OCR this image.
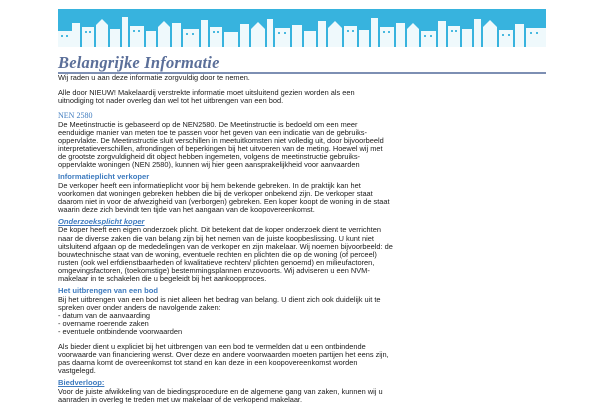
Belangrijke Informatie

Wij raden u aan deze informatie zorgvuldig door te nemen.

Alle door NIEUW! Makelaardij verstrekte informatie moet uitsluitend gezien worden als een

uitnodiging tot nader overleg dan wel tot het uitbrengen van een bod.

NEN 2580

De Meetinstructie is gebaseerd op de NEN2580. De Meetinstructie is bedoeld om een meer

eenduidige manier van meten toe te passen voor het geven van een indicatie van de gebruiks-

oppervlakte. De Meetinstructie sluit verschillen in meetuitkomsten niet volledig uit, door bijvoorbeeld

interpretatieverschillen, afrondingen of beperkingen bij het uitvoeren van de meting. Hoewel wij met

de grootste zorgvuldigheid dit object hebben ingemeten, volgens de meetinstructie gebruiks-

oppervlakte woningen (NEN 2580), kunnen wij hier geen aansprakelijkheid voor aanvaarden

Informatieplicht verkoper

De verkoper heeft een informatieplicht voor bij hem bekende gebreken. In de praktijk kan het

voorkomen dat woningen gebreken hebben die bij de verkoper onbekend zijn. De verkoper staat

daarom niet in voor de afwezigheid van (verborgen) gebreken. Een koper koopt de woning in de staat

waarin deze zich bevindt ten tijde van het aangaan van de koopovereenkomst.

Onderzoeksplicht koper

De koper heeft een eigen onderzoek plicht. Dit betekent dat de koper onderzoek dient te verrichten

naar de diverse zaken die van belang zijn bij het nemen van de juiste koopbeslissing. U kunt niet

uitsluitend afgaan op de mededelingen van de verkoper en zijn makelaar. Wij noemen bijvoorbeeld: de

bouwtechnische staat van de woning, eventuele rechten en plichten die op de woning (of perceel)

rusten (ook wel erfdienstbaarheden of kwalitatieve rechten/ plichten genoemd) en milieufactoren,

omgevingsfactoren, (toekomstige) bestemmingsplannen enzovoorts. Wij adviseren u een NVM-

makelaar in te schakelen die u begeleidt bij het aankoopproces.

Het uitbrengen van een bod

Bij het uitbrengen van een bod is niet alleen het bedrag van belang. U dient zich ook duidelijk uit te

spreken over onder anders de navolgende zaken:

- datum van de aanvaarding
- overname roerende zaken
- eventuele ontbindende voorwaarden

Als bieder dient u expliciet bij het uitbrengen van een bod te vermelden dat u een ontbindende

voorwaarde van financiering wenst. Over deze en andere voorwaarden moeten partijen het eens zijn,

pas daarna komt de overeenkomst tot stand en kan deze in een koopovereenkomst worden

vastgelegd.

Biedverloop:

Voor de juiste afwikkeling van de biedingsprocedure en de algemene gang van zaken, kunnen wij u

aanraden in overleg te treden met uw makelaar of de verkopend makelaar.
